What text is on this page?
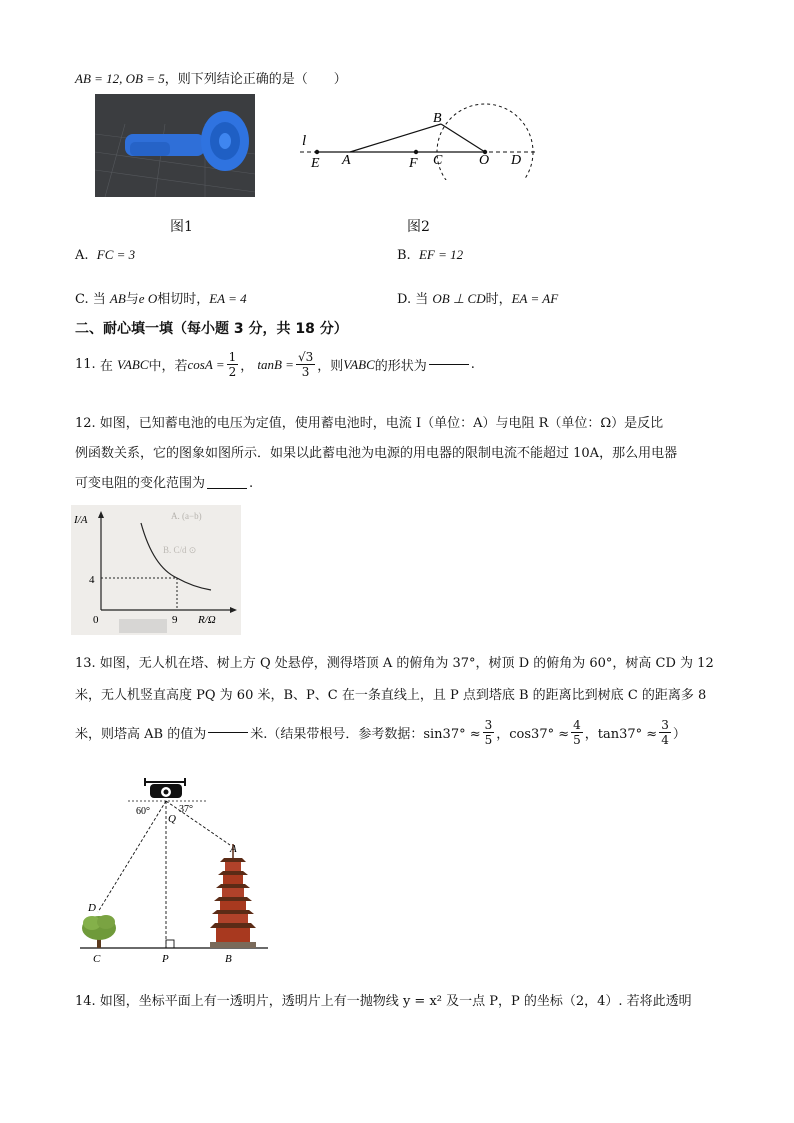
AB = 12, OB = 5，则下列结论正确的是（　　）
图1
l
E A	F C	O D
B
图2
A. FC = 3	B. EF = 12
C. 当 AB与e O相切时，EA = 4	D. 当 OB ⊥ CD时，EA = AF
二、耐心填一填（每小题 3 分，共 18 分）
11.
在
VABC 中，若 $\cos A = \frac{1}{2}$ ， $\tan B = \frac{√3}{3}$ ，则 VABC 的形状为	.
12. 如图，已知蓄电池的电压为定值，使用蓄电池时，电流 I（单位：A）与电阻 R（单位：Ω）是反比
例函数关系，它的图象如图所示．如果以此蓄电池为电源的用电器的限制电流不能超过 10A，那么用电器
可变电阻的变化范围为	.
A. (a−b)
B. C/d ⊙
I/A
4
0	9 R/Ω
13. 如图，无人机在塔、树上方 Q 处悬停，测得塔顶 A 的俯角为 37°，树顶 D 的俯角为 60°，树高 CD 为 12
米，无人机竖直高度 PQ 为 60 米，B、P、C 在一条直线上，且 P 点到塔底 B 的距离比到树底 C 的距离多 8
米，则塔高 AB 的值为	米.（结果带根号．参考数据：$\sin 37^\circ \approx \frac{3}{5}$ ，$\cos 37^\circ \approx \frac{4}{5}$ ，$\tan 37^\circ \approx \frac{3}{4}$ ）
60°	37°
Q
A
D
C	P	B
14. 如图，坐标平面上有一透明片，透明片上有一抛物线 y = x² 及一点 P，P 的坐标（2，4）. 若将此透明
